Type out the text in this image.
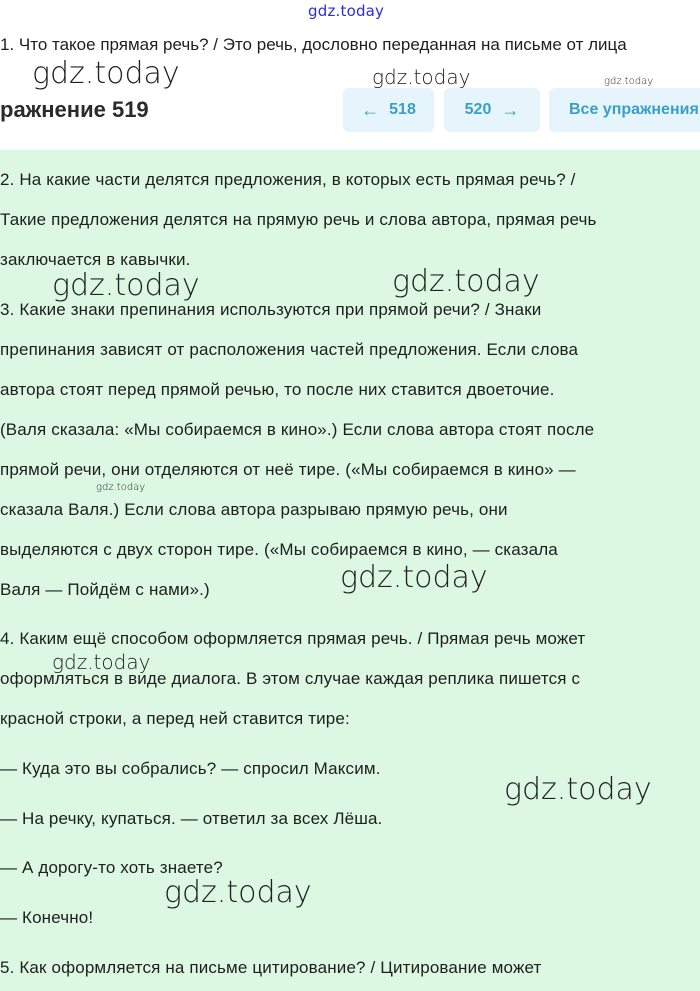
gdz.today
1. Что такое прямая речь? / Это речь, дословно переданная на письме от лица
ражнение 519	← 518	520 →	Все упражнения
2. На какие части делятся предложения, в которых есть прямая речь? /
Такие предложения делятся на прямую речь и слова автора, прямая речь
заключается в кавычки.
3. Какие знаки препинания используются при прямой речи? / Знаки
препинания зависят от расположения частей предложения. Если слова
автора стоят перед прямой речью, то после них ставится двоеточие.
(Валя сказала: «Мы собираемся в кино».) Если слова автора стоят после
прямой речи, они отделяются от неё тире. («Мы собираемся в кино» —
сказала Валя.) Если слова автора разрываю прямую речь, они
выделяются с двух сторон тире. («Мы собираемся в кино, — сказала
Валя — Пойдём с нами».)
4. Каким ещё способом оформляется прямая речь. / Прямая речь может
оформляться в виде диалога. В этом случае каждая реплика пишется с
красной строки, а перед ней ставится тире:
— Куда это вы собрались? — спросил Максим.
— На речку, купаться. — ответил за всех Лёша.
— А дорогу-то хоть знаете?
— Конечно!
5. Как оформляется на письме цитирование? / Цитирование может
gdz.today	gdz.today	gdz.today
gdz.today	gdz.today
gdz.today
gdz.today
gdz.today
gdz.today
gdz.today
